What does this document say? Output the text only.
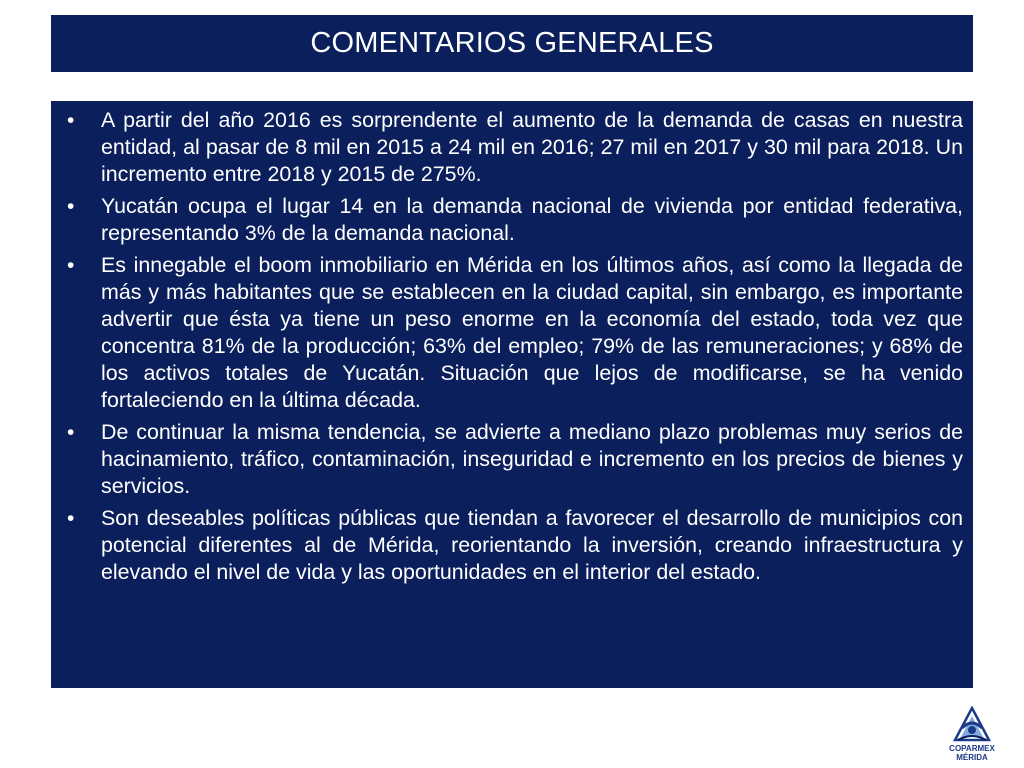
COMENTARIOS GENERALES
• A partir del año 2016 es sorprendente el aumento de la demanda de casas en nuestra entidad, al pasar de 8 mil en 2015 a 24 mil en 2016; 27 mil en 2017 y 30 mil para 2018. Un incremento entre 2018 y 2015 de 275%.
• Yucatán ocupa el lugar 14 en la demanda nacional de vivienda por entidad federativa, representando 3% de la demanda nacional.
• Es innegable el boom inmobiliario en Mérida en los últimos años, así como la llegada de más y más habitantes que se establecen en la ciudad capital, sin embargo, es importante advertir que ésta ya tiene un peso enorme en la economía del estado, toda vez que concentra 81% de la producción; 63% del empleo; 79% de las remuneraciones; y 68% de los activos totales de Yucatán. Situación que lejos de modificarse, se ha venido fortaleciendo en la última década.
• De continuar la misma tendencia, se advierte a mediano plazo problemas muy serios de hacinamiento, tráfico, contaminación, inseguridad e incremento en los precios de bienes y servicios.
• Son deseables políticas públicas que tiendan a favorecer el desarrollo de municipios con potencial diferentes al de Mérida, reorientando la inversión, creando infraestructura y elevando el nivel de vida y las oportunidades en el interior del estado.
COPARMEX
MÉRIDA
